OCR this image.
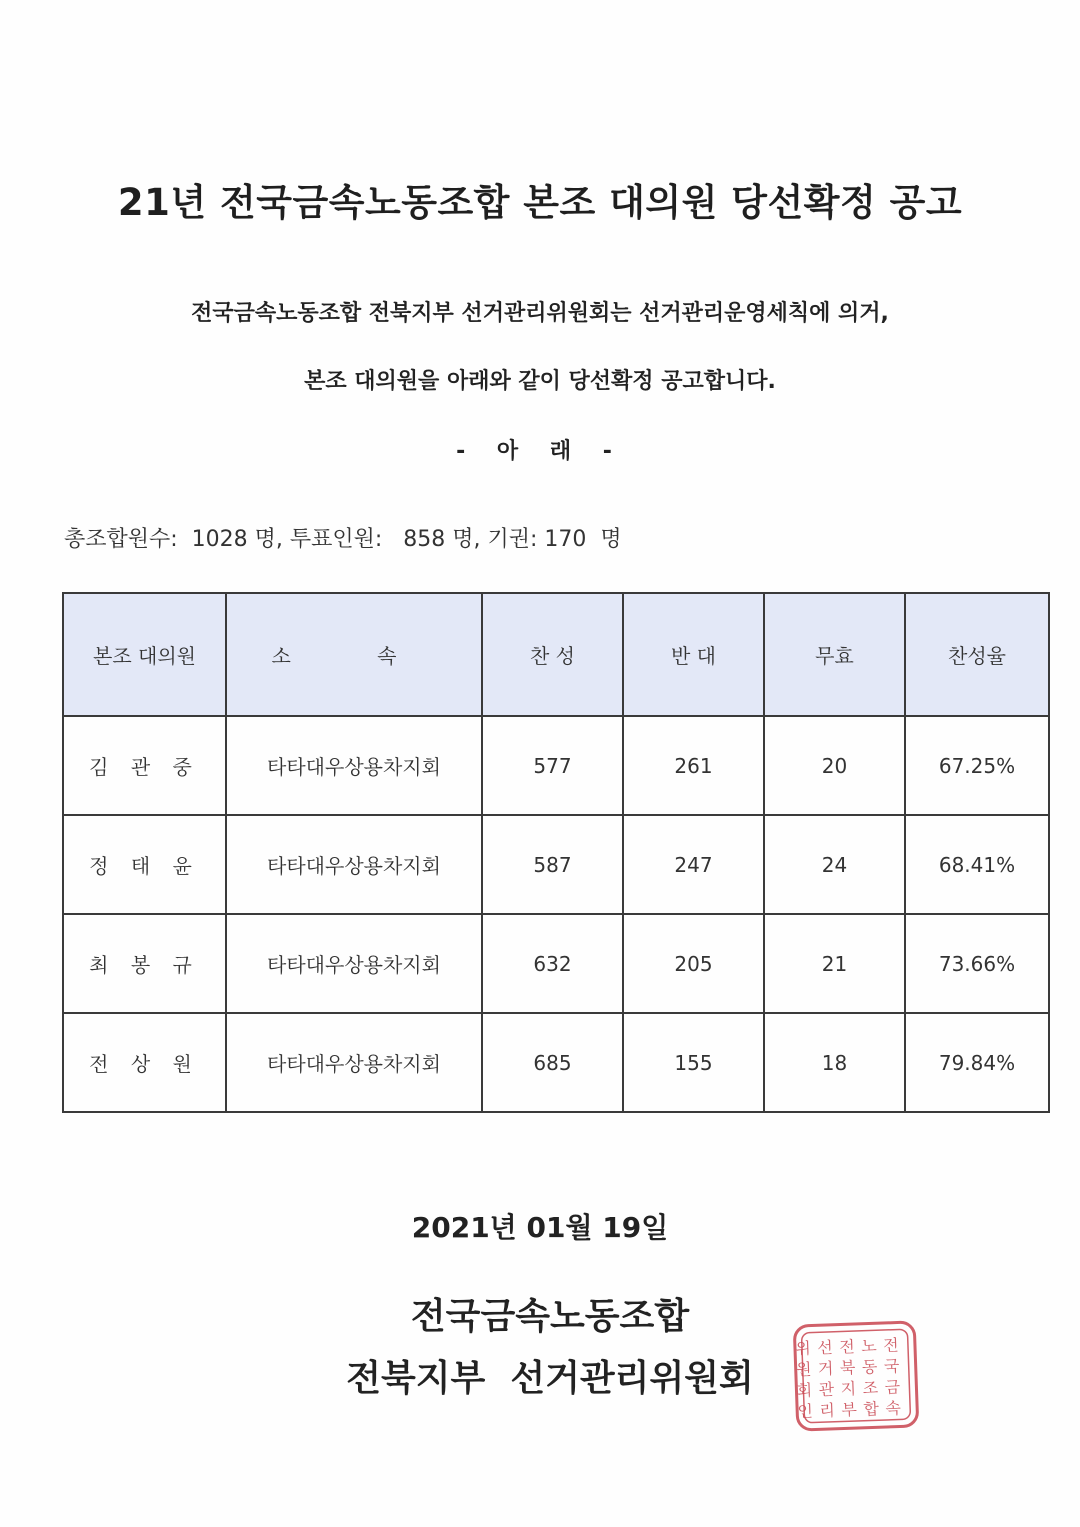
21년 전국금속노동조합 본조 대의원 당선확정 공고
전국금속노동조합 전북지부 선거관리위원회는 선거관리운영세칙에 의거,
본조 대의원을 아래와 같이 당선확정 공고합니다.
- 아 래 -
총조합원수:  1028 명, 투표인원:   858 명, 기권: 170  명
본조 대의원	소 속	찬 성	반 대	무효	찬성율
김 관 중	타타대우상용차지회	577	261	20	67.25%
정 태 윤	타타대우상용차지회	587	247	24	68.41%
최 봉 규	타타대우상용차지회	632	205	21	73.66%
전 상 원	타타대우상용차지회	685	155	18	79.84%
2021년 01월 19일
전국금속노동조합
전북지부  선거관리위원회
전
국
금
속
노
동
조
합
전
북
지
부
선
거
관
리
위
원
회
인
